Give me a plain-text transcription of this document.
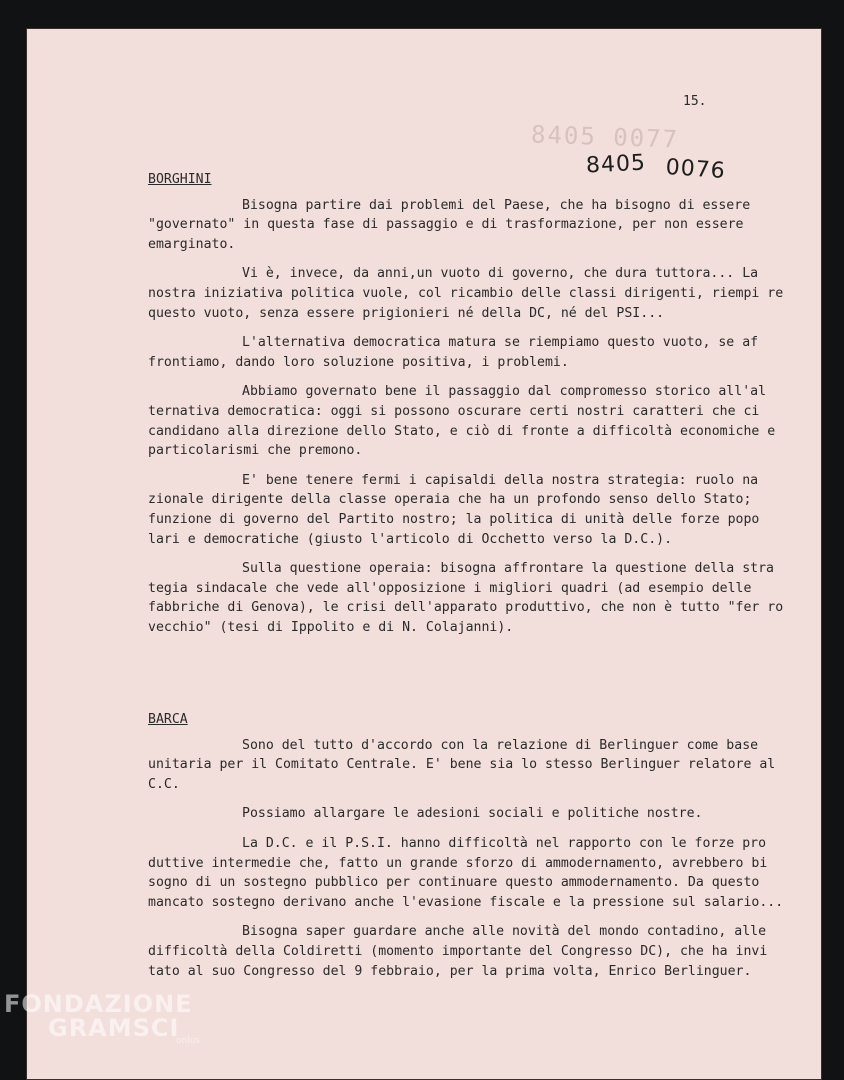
8405 0077
15.
8405 0076
BORGHINI

Bisogna partire dai problemi del Paese, che ha bisogno di essere "governato" in questa fase di passaggio e di trasformazione, per non essere emarginato.

Vi è, invece, da anni,un vuoto di governo, che dura tuttora... La nostra iniziativa politica vuole, col ricambio delle classi dirigenti, riempi re questo vuoto, senza essere prigionieri né della DC, né del PSI...

L'alternativa democratica matura se riempiamo questo vuoto, se af frontiamo, dando loro soluzione positiva, i problemi.

Abbiamo governato bene il passaggio dal compromesso storico all'al ternativa democratica: oggi si possono oscurare certi nostri caratteri che ci candidano alla direzione dello Stato, e ciò di fronte a difficoltà economiche e particolarismi che premono.

E' bene tenere fermi i capisaldi della nostra strategia: ruolo na zionale dirigente della classe operaia che ha un profondo senso dello Stato; funzione di governo del Partito nostro; la politica di unità delle forze popo lari e democratiche (giusto l'articolo di Occhetto verso la D.C.).

Sulla questione operaia: bisogna affrontare la questione della stra tegia sindacale che vede all'opposizione i migliori quadri (ad esempio delle fabbriche di Genova), le crisi dell'apparato produttivo, che non è tutto "fer ro vecchio" (tesi di Ippolito e di N. Colajanni).

BARCA

Sono del tutto d'accordo con la relazione di Berlinguer come base unitaria per il Comitato Centrale. E' bene sia lo stesso Berlinguer relatore al C.C.

Possiamo allargare le adesioni sociali e politiche nostre.

La D.C. e il P.S.I. hanno difficoltà nel rapporto con le forze pro duttive intermedie che, fatto un grande sforzo di ammodernamento, avrebbero bi sogno di un sostegno pubblico per continuare questo ammodernamento. Da questo mancato sostegno derivano anche l'evasione fiscale e la pressione sul salario...

Bisogna saper guardare anche alle novità del mondo contadino, alle difficoltà della Coldiretti (momento importante del Congresso DC), che ha invi tato al suo Congresso del 9 febbraio, per la prima volta, Enrico Berlinguer.

FONDAZIONE
GRAMSCI
onlus
